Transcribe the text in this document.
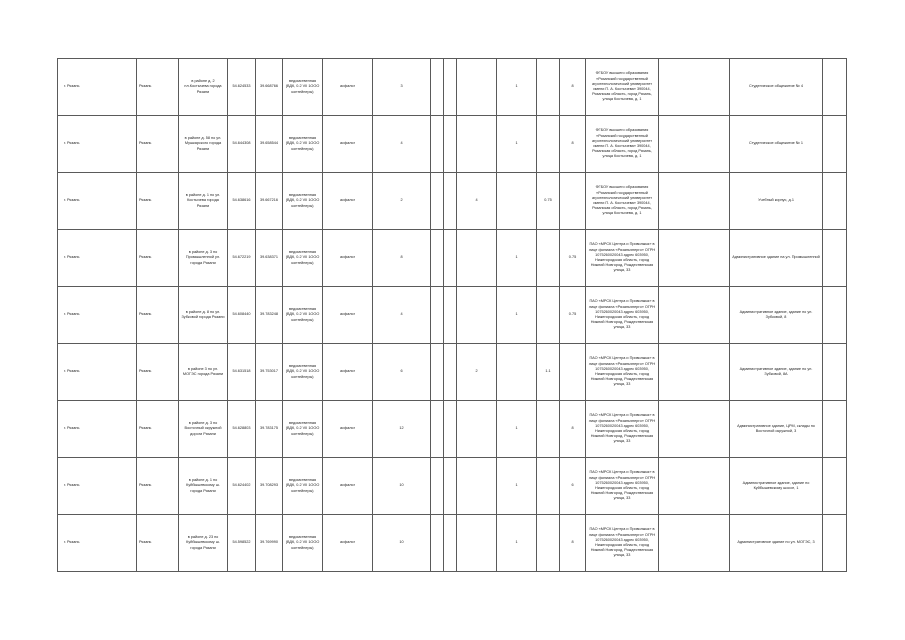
г. Рязань	Рязань	в районе д. 2 пл.Костычева города Рязани	54.624533	39.668766	ведомственная (ВДК, 0.2 VII 1ООО контейнеры)	асфальт	3				1		8	ФГБОУ высшего образования «Рязанский государственный агротехнологический университет имени П. А. Костычева» 390044, Рязанская область, город Рязань, улица Костычева, д. 1		Студенческое общежитие № 4	
г. Рязань	Рязань	в районе д. 58 по ул. Мушкарского города Рязани	54.644308	39.658544	ведомственная (ВДК, 0.2 VII 1ООО контейнеры)	асфальт	4				1		8	ФГБОУ высшего образования «Рязанский государственный агротехнологический университет имени П. А. Костычева» 390044, Рязанская область, город Рязань, улица Костычева, д. 1		Студенческое общежитие № 1	
г. Рязань	Рязань	в районе д. 1 по ул. Костычева города Рязани	54.638616	39.667216	ведомственная (ВДК, 0.2 VII 1ООО контейнеры)	асфальт	2			4		0.75		ФГБОУ высшего образования «Рязанский государственный агротехнологический университет имени П. А. Костычева» 390044, Рязанская область, город Рязань, улица Костычева, д. 1		Учебный корпус, д.1	
г. Рязань	Рязань	в районе д. 3 по Промышленной ул. города Рязани	54.672219	39.638371	ведомственная (ВДК, 0.2 VII 1ООО контейнеры)	асфальт	8				1		0.75	ПАО «МРСК Центра и Приволжья» в лице филиала «Рязаньэнерго» ОГРН 1075260020043 адрес 603950, Нижегородская область, город Нижний Новгород, Рождественская улица, 33		Административное здание на ул. Промышленной	
г. Рязань	Рязань	в районе д. 8 по ул. Зубковой города Рязани	54.608440	39.783248	ведомственная (ВДК, 0.2 VII 1ООО контейнеры)	асфальт	4				1		0.75	ПАО «МРСК Центра и Приволжья» в лице филиала «Рязаньэнерго» ОГРН 1075260020043 адрес 603950, Нижегородская область, город Нижний Новгород, Рождественская улица, 33		Административное здание, здание по ул. Зубковой, 8	
г. Рязань	Рязань	в районе 3 по ул. МОГЭС города Рязани	54.631518	39.753017	ведомственная (ВДК, 0.2 VII 1ООО контейнеры)	асфальт	6			2		1.1		ПАО «МРСК Центра и Приволжья» в лице филиала «Рязаньэнерго» ОГРН 1075260020043 адрес 603950, Нижегородская область, город Нижний Новгород, Рождественская улица, 33		Административное здание, здание по ул. Зубковой, 8А	
г. Рязань	Рязань	в районе д. 3 по Восточный окружной дороги Рязани	54.628803	39.783175	ведомственная (ВДК, 0.2 VII 1ООО контейнеры)	асфальт	12				1		8	ПАО «МРСК Центра и Приволжья» в лице филиала «Рязаньэнерго» ОГРН 1075260020043 адрес 603950, Нижегородская область, город Нижний Новгород, Рождественская улица, 33		Административное здание, ЦРМ, склады по Восточной окружной, 3	
г. Рязань	Рязань	в районе д. 1 по Куйбышевскому ш. города Рязани	54.624402	39.708293	ведомственная (ВДК, 0.2 VII 1ООО контейнеры)	асфальт	10				1		6	ПАО «МРСК Центра и Приволжья» в лице филиала «Рязаньэнерго» ОГРН 1075260020043 адрес 603950, Нижегородская область, город Нижний Новгород, Рождественская улица, 33		Административное здание, здание по Куйбышевскому шоссе, 1	
г. Рязань	Рязань	в районе д. 23 по Куйбышевскому ш. города Рязани	54.598522	39.769990	ведомственная (ВДК, 0.2 VII 1ООО контейнеры)	асфальт	10				1		8	ПАО «МРСК Центра и Приволжья» в лице филиала «Рязаньэнерго» ОГРН 1075260020043 адрес 603950, Нижегородская область, город Нижний Новгород, Рождественская улица, 33		Административное здание по ул. МОГЭС, 3	
